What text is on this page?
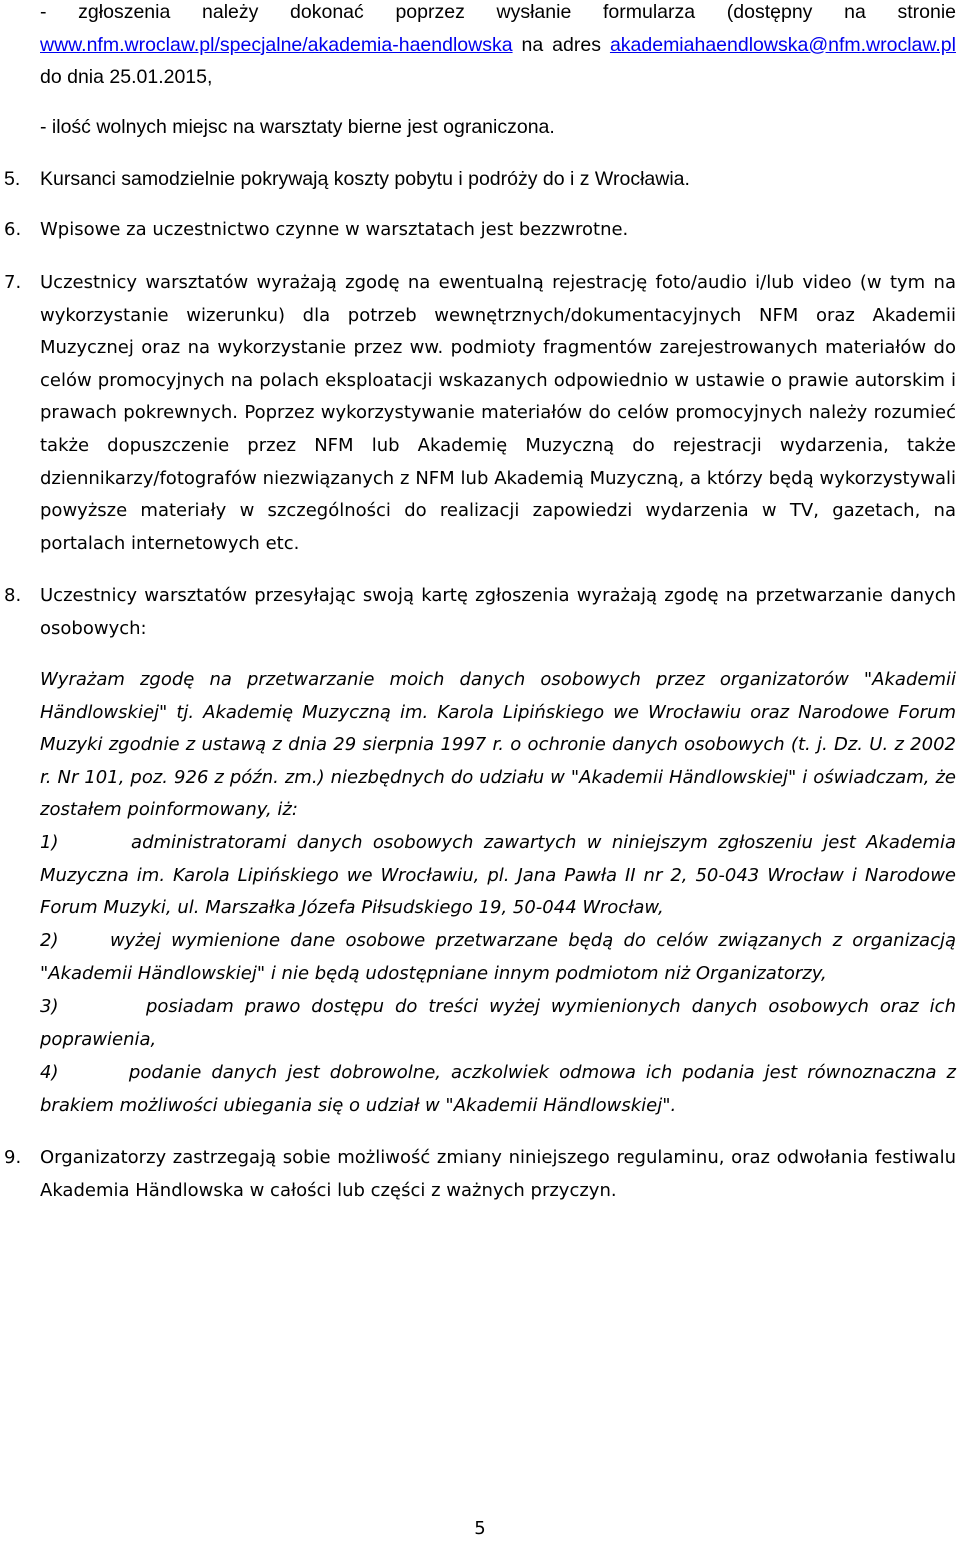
- zgłoszenia należy dokonać poprzez wysłanie formularza (dostępny na stronie www.nfm.wroclaw.pl/specjalne/akademia-haendlowska na adres akademiahaendlowska@nfm.wroclaw.pl do dnia 25.01.2015,

- ilość wolnych miejsc na warsztaty bierne jest ograniczona.

5. Kursanci samodzielnie pokrywają koszty pobytu i podróży do i z Wrocławia.

6. Wpisowe za uczestnictwo czynne w warsztatach jest bezzwrotne.

7. Uczestnicy warsztatów wyrażają zgodę na ewentualną rejestrację foto/audio i/lub video (w tym na wykorzystanie wizerunku) dla potrzeb wewnętrznych/dokumentacyjnych NFM oraz Akademii Muzycznej oraz na wykorzystanie przez ww. podmioty fragmentów zarejestrowanych materiałów do celów promocyjnych na polach eksploatacji wskazanych odpowiednio w ustawie o prawie autorskim i prawach pokrewnych. Poprzez wykorzystywanie materiałów do celów promocyjnych należy rozumieć także dopuszczenie przez NFM lub Akademię Muzyczną do rejestracji wydarzenia, także dziennikarzy/fotografów niezwiązanych z NFM lub Akademią Muzyczną, a którzy będą wykorzystywali powyższe materiały w szczególności do realizacji zapowiedzi wydarzenia w TV, gazetach, na portalach internetowych etc.

8. Uczestnicy warsztatów przesyłając swoją kartę zgłoszenia wyrażają zgodę na przetwarzanie danych osobowych:

Wyrażam zgodę na przetwarzanie moich danych osobowych przez organizatorów "Akademii Händlowskiej" tj. Akademię Muzyczną im. Karola Lipińskiego we Wrocławiu oraz Narodowe Forum Muzyki zgodnie z ustawą z dnia 29 sierpnia 1997 r. o ochronie danych osobowych (t. j. Dz. U. z 2002 r. Nr 101, poz. 926 z późn. zm.) niezbędnych do udziału w "Akademii Händlowskiej" i oświadczam, że zostałem poinformowany, iż:

1)	administratorami danych osobowych zawartych w niniejszym zgłoszeniu jest Akademia Muzyczna im. Karola Lipińskiego we Wrocławiu, pl. Jana Pawła II nr 2, 50-043 Wrocław i Narodowe Forum Muzyki, ul. Marszałka Józefa Piłsudskiego 19, 50-044 Wrocław,

2)	wyżej wymienione dane osobowe przetwarzane będą do celów związanych z organizacją "Akademii Händlowskiej" i nie będą udostępniane innym podmiotom niż Organizatorzy,

3)	posiadam prawo dostępu do treści wyżej wymienionych danych osobowych oraz ich poprawienia,

4)	podanie danych jest dobrowolne, aczkolwiek odmowa ich podania jest równoznaczna z brakiem możliwości ubiegania się o udział w "Akademii Händlowskiej".

9. Organizatorzy zastrzegają sobie możliwość zmiany niniejszego regulaminu, oraz odwołania festiwalu Akademia Händlowska w całości lub części z ważnych przyczyn.

5
